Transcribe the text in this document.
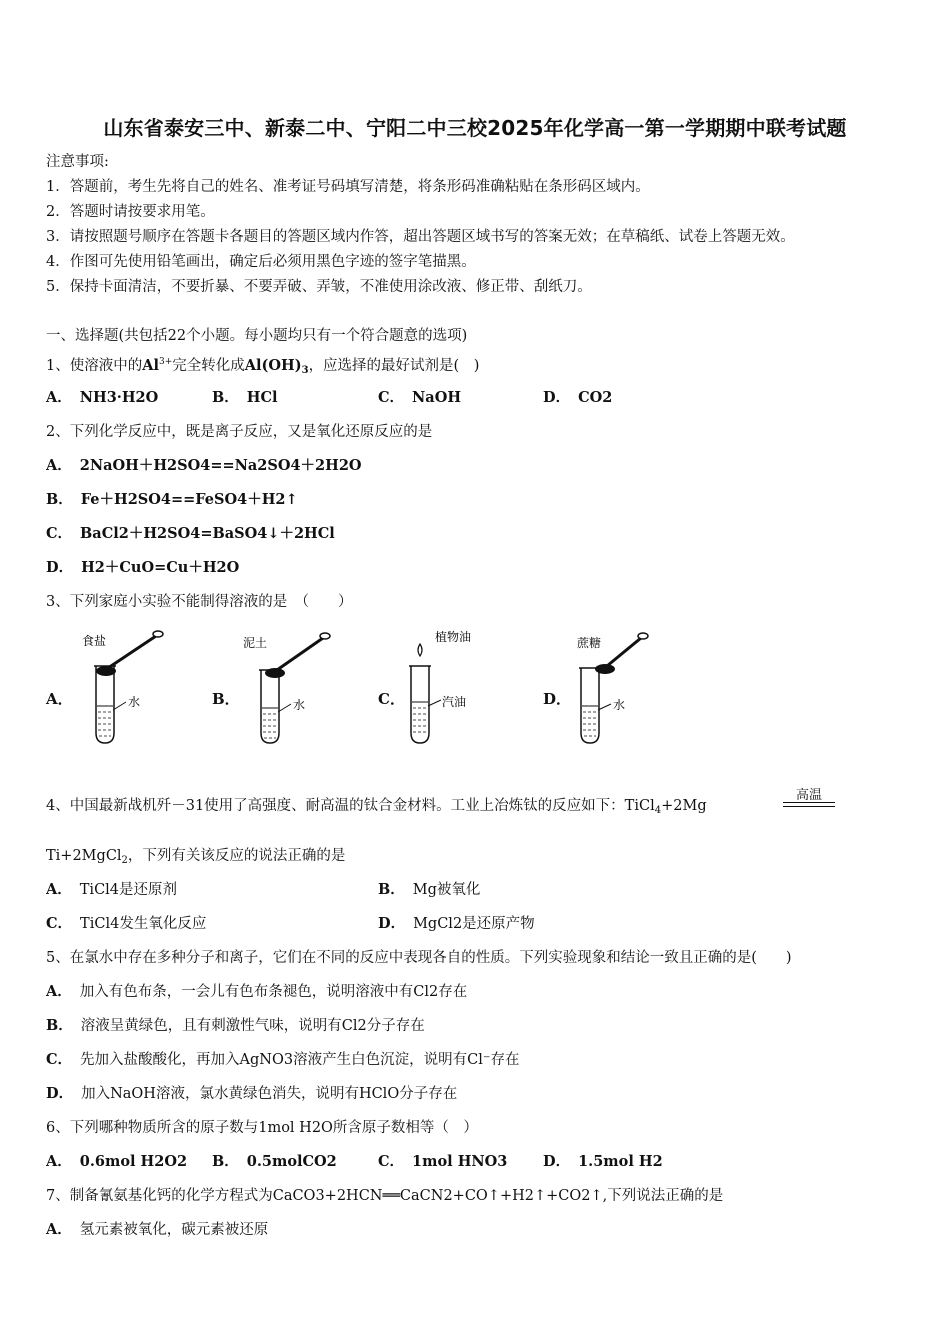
山东省泰安三中、新泰二中、宁阳二中三校2025年化学高一第一学期期中联考试题
注意事项:
1．答题前，考生先将自己的姓名、准考证号码填写清楚，将条形码准确粘贴在条形码区域内。
2．答题时请按要求用笔。
3．请按照题号顺序在答题卡各题目的答题区域内作答，超出答题区域书写的答案无效；在草稿纸、试卷上答题无效。
4．作图可先使用铅笔画出，确定后必须用黑色字迹的签字笔描黑。
5．保持卡面清洁，不要折暴、不要弄破、弄皱，不准使用涂改液、修正带、刮纸刀。
一、选择题(共包括22个小题。每小题均只有一个符合题意的选项)
1、使溶液中的$Al^{3+}$完全转化成$Al(OH)_3$，应选择的最好试剂是(　)
A． NH3·H2O	B． HCl	C． NaOH	D． CO2
2、下列化学反应中，既是离子反应，又是氧化还原反应的是
A． 2NaOH＋H2SO4==Na2SO4＋2H2O
B． Fe＋H2SO4==FeSO4＋H2↑
C． BaCl2＋H2SO4=BaSO4↓＋2HCl
D． H2＋CuO=Cu＋H2O
3、下列家庭小实验不能制得溶液的是　（　　）
A．	B．	C．	D．
食盐
水
泥土
水
植物油
汽油
蔗糖
水
4、中国最新战机歼－31使用了高强度、耐高温的钛合金材料。工业上冶炼钛的反应如下：TiCl$_4$+2Mg
高温
Ti+2MgCl$_2$，下列有关该反应的说法正确的是
A． TiCl4是还原剂	B． Mg被氧化
C． TiCl4发生氧化反应	D． MgCl2是还原产物
5、在氯水中存在多种分子和离子，它们在不同的反应中表现各自的性质。下列实验现象和结论一致且正确的是(　　)
A． 加入有色布条，一会儿有色布条褪色，说明溶液中有Cl2存在
B． 溶液呈黄绿色，且有刺激性气味，说明有Cl2分子存在
C． 先加入盐酸酸化，再加入AgNO3溶液产生白色沉淀，说明有Cl⁻存在
D． 加入NaOH溶液，氯水黄绿色消失，说明有HClO分子存在
6、下列哪种物质所含的原子数与1mol H2O所含原子数相等（　）
A． 0.6mol H2O2 B． 0.5molCO2	C． 1mol HNO3 D． 1.5mol H2
7、制备氰氨基化钙的化学方程式为CaCO3+2HCN══CaCN2+CO↑+H2↑+CO2↑,下列说法正确的是
A． 氢元素被氧化，碳元素被还原
